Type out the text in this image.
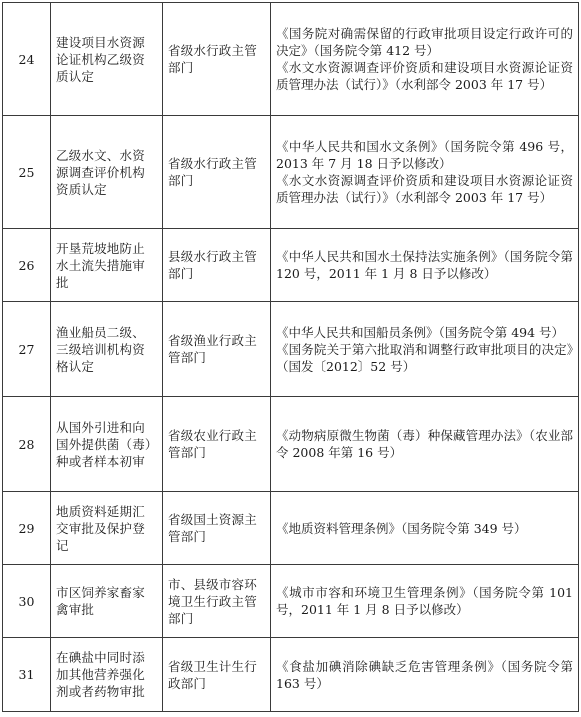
24	建设项目水资源论证机构乙级资质认定	省级水行政主管部门	《国务院对确需保留的行政审批项目设定行政许可的决定》（国务院令第 412 号）
《水文水资源调查评价资质和建设项目水资源论证资质管理办法（试行）》（水利部令 2003 年 17 号）

25	乙级水文、水资源调查评价机构资质认定	省级水行政主管部门	《中华人民共和国水文条例》（国务院令第 496 号，2013 年 7 月 18 日予以修改）
《水文水资源调查评价资质和建设项目水资源论证资质管理办法（试行）》（水利部令 2003 年 17 号）

26	开垦荒坡地防止水土流失措施审批	县级水行政主管部门	《中华人民共和国水土保持法实施条例》（国务院令第 120 号，2011 年 1 月 8 日予以修改）

27	渔业船员二级、三级培训机构资格认定	省级渔业行政主管部门	《中华人民共和国船员条例》（国务院令第 494 号）
《国务院关于第六批取消和调整行政审批项目的决定》（国发〔2012〕52 号）

28	从国外引进和向国外提供菌（毒）种或者样本初审	省级农业行政主管部门	《动物病原微生物菌（毒）种保藏管理办法》（农业部令 2008 年第 16 号）

29	地质资料延期汇交审批及保护登记	省级国土资源主管部门	《地质资料管理条例》（国务院令第 349 号）

30	市区饲养家畜家禽审批	市、县级市容环境卫生行政主管部门	《城市市容和环境卫生管理条例》（国务院令第 101 号，2011 年 1 月 8 日予以修改）

31	在碘盐中同时添加其他营养强化剂或者药物审批	省级卫生计生行政部门	《食盐加碘消除碘缺乏危害管理条例》（国务院令第 163 号）
